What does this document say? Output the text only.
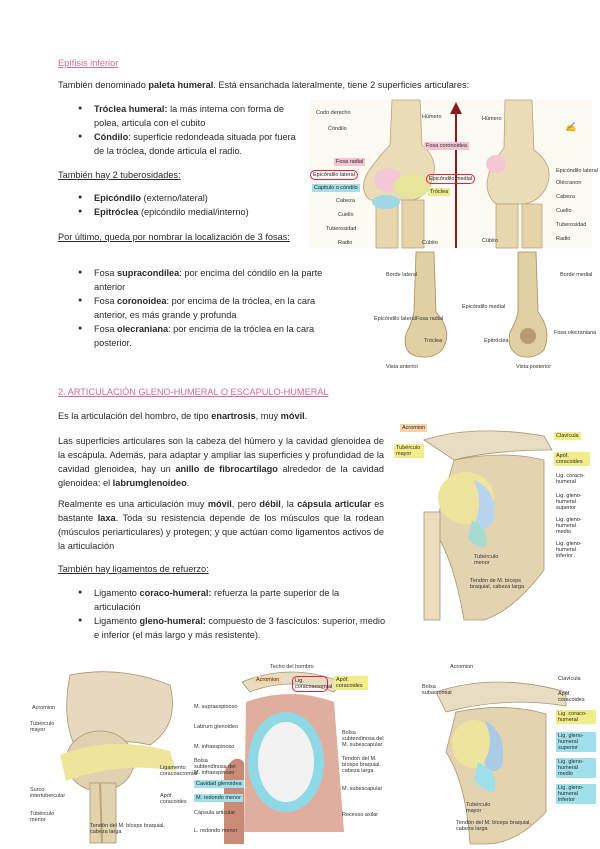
Epífisis inferior
También denominado paleta humeral. Está ensanchada lateralmente, tiene 2 superficies articulares:
● Tróclea humeral: la más interna con forma de polea, articula con el cubito
● Cóndilo: superficie redondeada situada por fuera de la tróclea, donde articula el radio.
También hay 2 tuberosidades:
● Epicóndilo (externo/lateral)
● Epitróclea (epicóndilo medial/interno)
Por último, queda por nombrar la localización de 3 fosas:
● Fosa supracondílea: por encima del cóndilo en la parte anterior
● Fosa coronoidea: por encima de la tróclea, en la cara anterior, es más grande y profunda
● Fosa olecraniana: por encima de la tróclea en la cara posterior.
✍
Codo derecho
Cóndilo
Fosa radial
Epicóndilo lateral
Capitulo o cóndilo
Cabeza
Cuello
Tuberosidad
Radio
Húmero
Fosa coronoidea
Epicóndilo medial
Tróclea
Cúbito
Húmero
Epicóndilo lateral
Olécranon
Cabeza
Cuello
Tuberosidad
Cúbito	Radio
Borde lateral	Borde medial
Epicóndilo lateral Fosa radial
Epicóndilo medial
Tróclea	Epitróclea
Fosa olecraniana
Vista anterior	Vista posterior
2. ARTICULACIÓN GLENO-HUMERAL O ESCAPULO-HUMERAL
Es la articulación del hombro, de tipo enartrosis, muy móvil.
Las superficies articulares son la cabeza del húmero y la cavidad glenoidea de la escápula. Además, para adaptar y ampliar las superficies y profundidad de la cavidad glenoidea, hay un anillo de fibrocartílago alrededor de la cavidad glenoidea: el labrumglenoideo.
Realmente es una articulación muy móvil, pero débil, la cápsula articular es bastante laxa. Toda su resistencia depende de los músculos que la rodean (músculos periarticulares) y protegen; y que actúan como ligamentos activos de la articulación
También hay ligamentos de refuerzo:
● Ligamento coraco-humeral: refuerza la parte superior de la articulación
● Ligamento gleno-humeral: compuesto de 3 fascículos: superior, medio e inferior (el más largo y más resistente).
Acromion
Clavícula
Tubérculo mayor	Apóf. coracoides
Lig. coraco-humeral
Lig. gleno-humeral superior
Lig. gleno-humeral medio
Lig. gleno-humeral inferior
Tubérculo menor
Tendón de M. bíceps braquial, cabeza larga
Acromion
Tubérculo mayor
Surco intertubercular
Tubérculo menor
Ligamento coracoacromial
Apóf. coracoides
Tendón del M. bíceps braquial, cabeza larga
Techo del hombro
Acromion	Lig. coracoacromial
Apóf. coracoides
M. supraespinoso
Labrum glenoideo
M. infraespinoso
Bolsa subtendinosa del M. infraespinoso
Cavidad glenoidea
M. redondo menor
Cápsula articular
L. redondo menor
Bolsa subtendinosa del M. subescapular
Tendón del M. bíceps braquial, cabeza larga
M. subescapular
Recesso axilar
Acromion
Clavícula
Apóf. coracoides
Lig. coraco-humeral
Lig. gleno-humeral superior
Lig. gleno-humeral medio
Lig. gleno-humeral inferior
Bolsa subacromial
Tubérculo mayor
Tendón del M. bíceps braquial, cabeza larga
